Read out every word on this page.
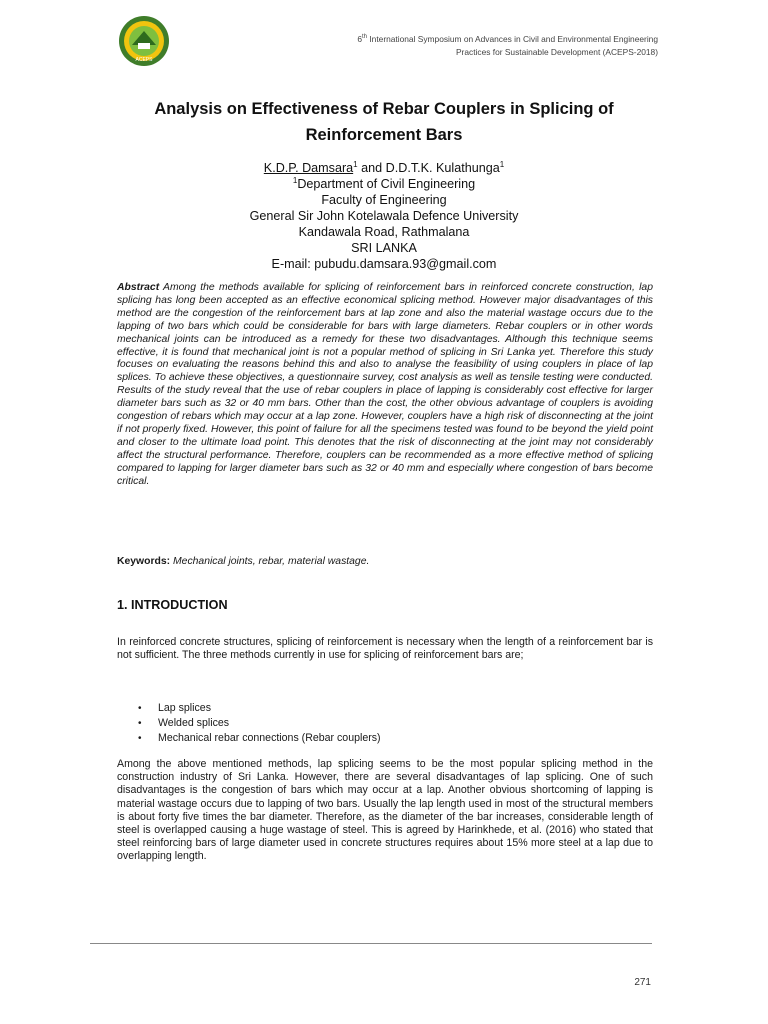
ACEPS
6th International Symposium on Advances in Civil and Environmental Engineering
Practices for Sustainable Development (ACEPS-2018)
Analysis on Effectiveness of Rebar Couplers in Splicing of
Reinforcement Bars
K.D.P. Damsara$^1$ and D.D.T.K. Kulathunga$^1$
$^1$Department of Civil Engineering
Faculty of Engineering
General Sir John Kotelawala Defence University
Kandawala Road, Rathmalana
SRI LANKA
E-mail: pubudu.damsara.93@gmail.com
Abstract Among the methods available for splicing of reinforcement bars in reinforced concrete construction, lap splicing has long been accepted as an effective economical splicing method. However major disadvantages of this method are the congestion of the reinforcement bars at lap zone and also the material wastage occurs due to the lapping of two bars which could be considerable for bars with large diameters. Rebar couplers or in other words mechanical joints can be introduced as a remedy for these two disadvantages. Although this technique seems effective, it is found that mechanical joint is not a popular method of splicing in Sri Lanka yet. Therefore this study focuses on evaluating the reasons behind this and also to analyse the feasibility of using couplers in place of lap splices. To achieve these objectives, a questionnaire survey, cost analysis as well as tensile testing were conducted. Results of the study reveal that the use of rebar couplers in place of lapping is considerably cost effective for larger diameter bars such as 32 or 40 mm bars. Other than the cost, the other obvious advantage of couplers is avoiding congestion of rebars which may occur at a lap zone. However, couplers have a high risk of disconnecting at the joint if not properly fixed. However, this point of failure for all the specimens tested was found to be beyond the yield point and closer to the ultimate load point. This denotes that the risk of disconnecting at the joint may not considerably affect the structural performance. Therefore, couplers can be recommended as a more effective method of splicing compared to lapping for larger diameter bars such as 32 or 40 mm and especially where congestion of bars become critical.
Keywords: Mechanical joints, rebar, material wastage.
1. INTRODUCTION
In reinforced concrete structures, splicing of reinforcement is necessary when the length of a reinforcement bar is not sufficient. The three methods currently in use for splicing of reinforcement bars are;
• Lap splices
• Welded splices
• Mechanical rebar connections (Rebar couplers)
Among the above mentioned methods, lap splicing seems to be the most popular splicing method in the construction industry of Sri Lanka. However, there are several disadvantages of lap splicing. One of such disadvantages is the congestion of bars which may occur at a lap. Another obvious shortcoming of lapping is material wastage occurs due to lapping of two bars. Usually the lap length used in most of the structural members is about forty five times the bar diameter. Therefore, as the diameter of the bar increases, considerable length of steel is overlapped causing a huge wastage of steel. This is agreed by Harinkhede, et al. (2016) who stated that steel reinforcing bars of large diameter used in concrete structures requires about 15% more steel at a lap due to overlapping length.
271
